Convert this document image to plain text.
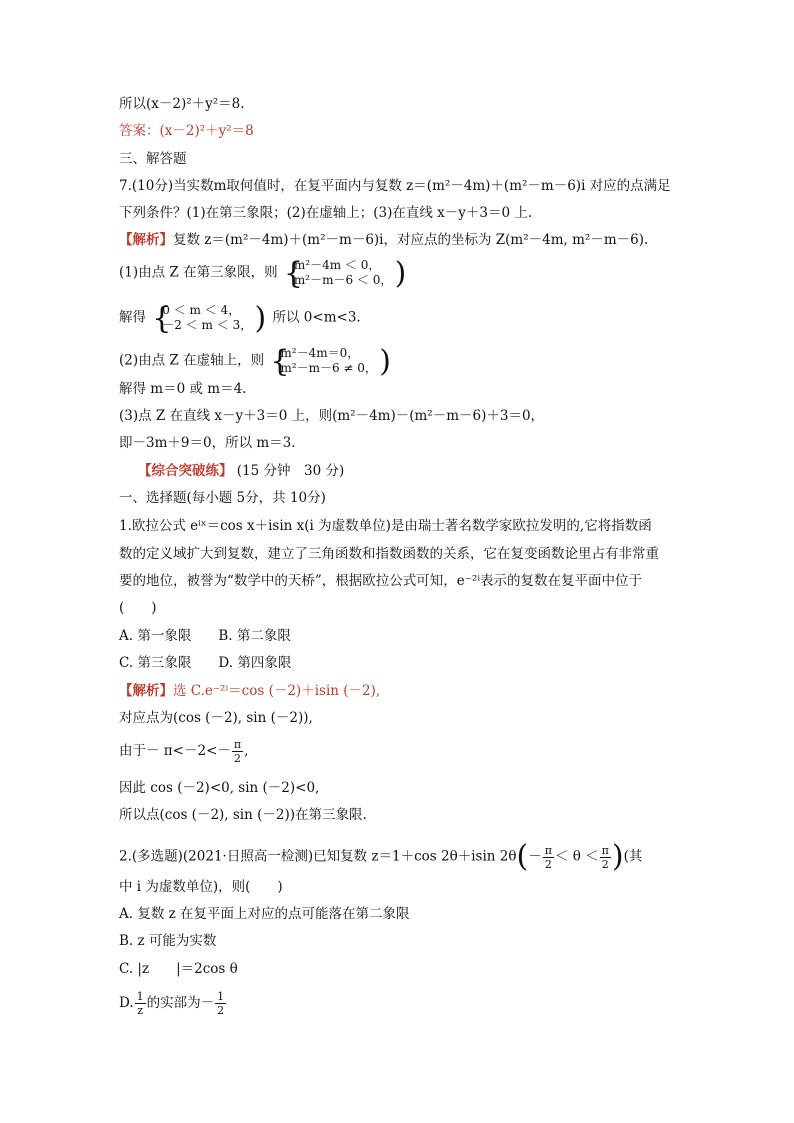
所以(x－2)²＋y²＝8.
答案：(x－2)²＋y²＝8
三、解答题
7.(10分)当实数m取何值时，在复平面内与复数 z＝(m²－4m)＋(m²－m－6)i 对应的点满足
下列条件？(1)在第三象限；(2)在虚轴上；(3)在直线 x－y＋3＝0 上.
【解析】复数 z＝(m²－4m)＋(m²－m－6)i，对应点的坐标为 Z(m²－4m, m²－m－6).
(1)由点 Z 在第三象限，则 {
m²－4m ＜ 0，
m²－m－6 ＜ 0， )
解得 {
0 ＜ m ＜ 4，
－2 ＜ m ＜ 3， ) 所以 0<m<3.
(2)由点 Z 在虚轴上，则 {
m²－4m＝0，
m²－m－6 ≠ 0， )
解得 m＝0 或 m＝4.
(3)点 Z 在直线 x－y＋3＝0 上，则(m²－4m)－(m²－m－6)＋3＝0，
即－3m＋9＝0，所以 m＝3.
【综合突破练】 (15 分钟　30 分)
一、选择题(每小题 5分，共 10分)
1.欧拉公式 eⁱˣ＝cos x＋isin x(i 为虚数单位)是由瑞士著名数学家欧拉发明的,它将指数函
数的定义域扩大到复数，建立了三角函数和指数函数的关系，它在复变函数论里占有非常重
要的地位，被誉为“数学中的天桥”，根据欧拉公式可知，e⁻²ⁱ表示的复数在复平面中位于
(　　)
A. 第一象限　　B. 第二象限
C. 第三象限　　D. 第四象限
【解析】选 C.e⁻²ⁱ＝cos (－2)＋isin (－2),
对应点为(cos (－2), sin (－2)),
由于－ $\pi<-2<- \frac{\pi}{2}$ ,
因此 cos (－2)<0, sin (－2)<0,
所以点(cos (－2), sin (－2))在第三象限.
2.(多选题)(2021·日照高一检测)已知复数 z＝1＋cos 2θ＋isin $2\theta(- \frac{\pi}{2} < \theta < \frac{\pi}{2}$ )(其
中 i 为虚数单位)，则(　　)
A. 复数 z 在复平面上对应的点可能落在第二象限
B. z 可能为实数
C. |z　　|＝2cos θ
D. $\frac{1}{z}$ 的实部为－ $\frac{1}{2}$
